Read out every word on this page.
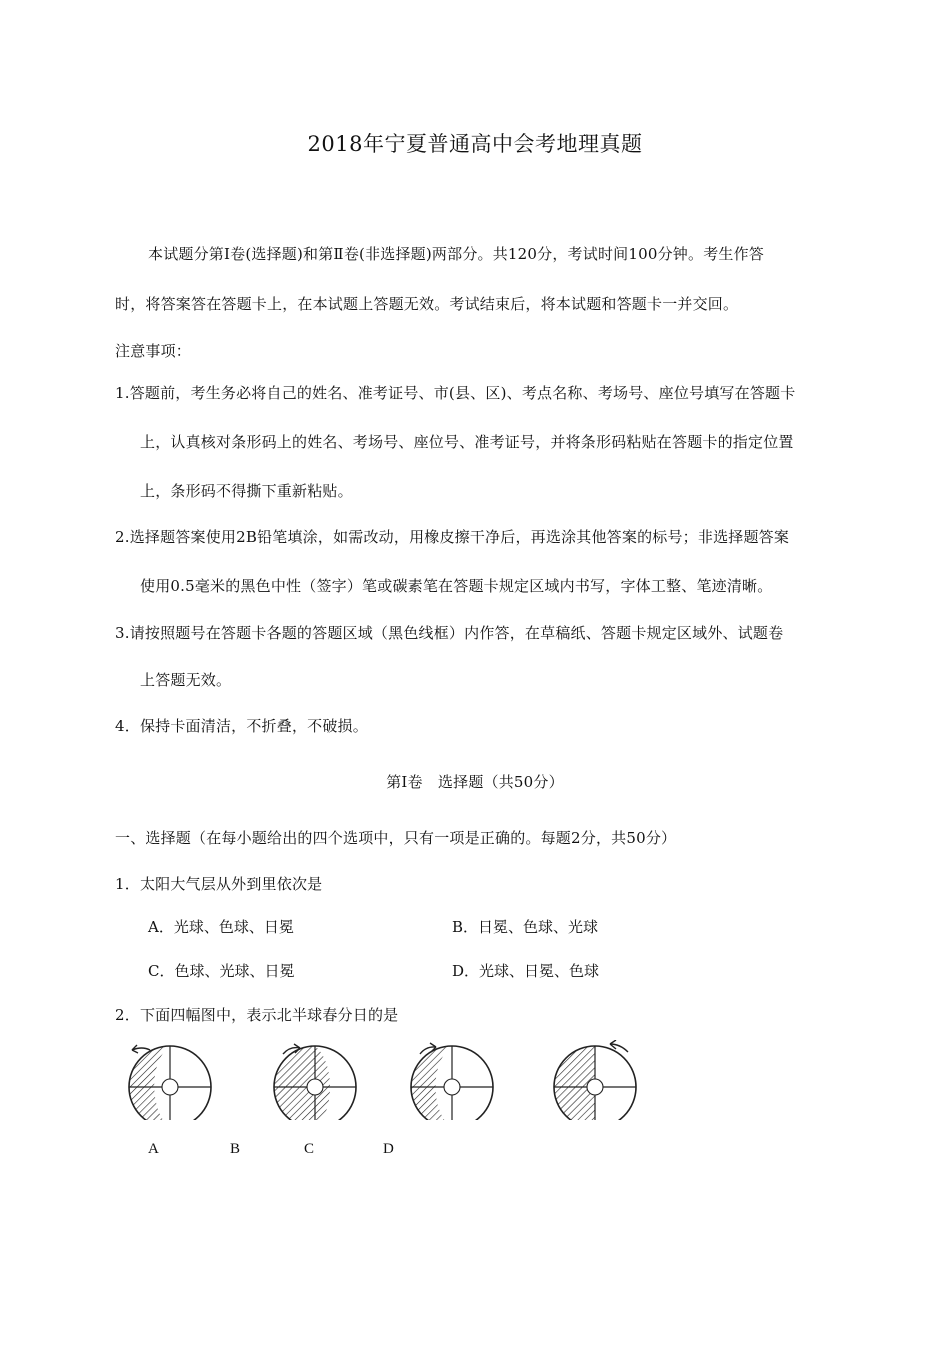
2018年宁夏普通高中会考地理真题
本试题分第Ⅰ卷(选择题)和第Ⅱ卷(非选择题)两部分。共120分，考试时间100分钟。考生作答
时，将答案答在答题卡上，在本试题上答题无效。考试结束后，将本试题和答题卡一并交回。
注意事项：
1.答题前，考生务必将自己的姓名、准考证号、市(县、区)、考点名称、考场号、座位号填写在答题卡
上，认真核对条形码上的姓名、考场号、座位号、准考证号，并将条形码粘贴在答题卡的指定位置
上，条形码不得撕下重新粘贴。
2.选择题答案使用2B铅笔填涂，如需改动，用橡皮擦干净后，再选涂其他答案的标号；非选择题答案
使用0.5毫米的黑色中性（签字）笔或碳素笔在答题卡规定区域内书写，字体工整、笔迹清晰。
3.请按照题号在答题卡各题的答题区域（黑色线框）内作答，在草稿纸、答题卡规定区域外、试题卷
上答题无效。
4．保持卡面清洁，不折叠，不破损。
第Ⅰ卷　选择题（共50分）
一、选择题（在每小题给出的四个选项中，只有一项是正确的。每题2分，共50分）
1．太阳大气层从外到里依次是
A．光球、色球、日冕	B．日冕、色球、光球
C．色球、光球、日冕	D．光球、日冕、色球
2．下面四幅图中，表示北半球春分日的是
A	B	C	D
